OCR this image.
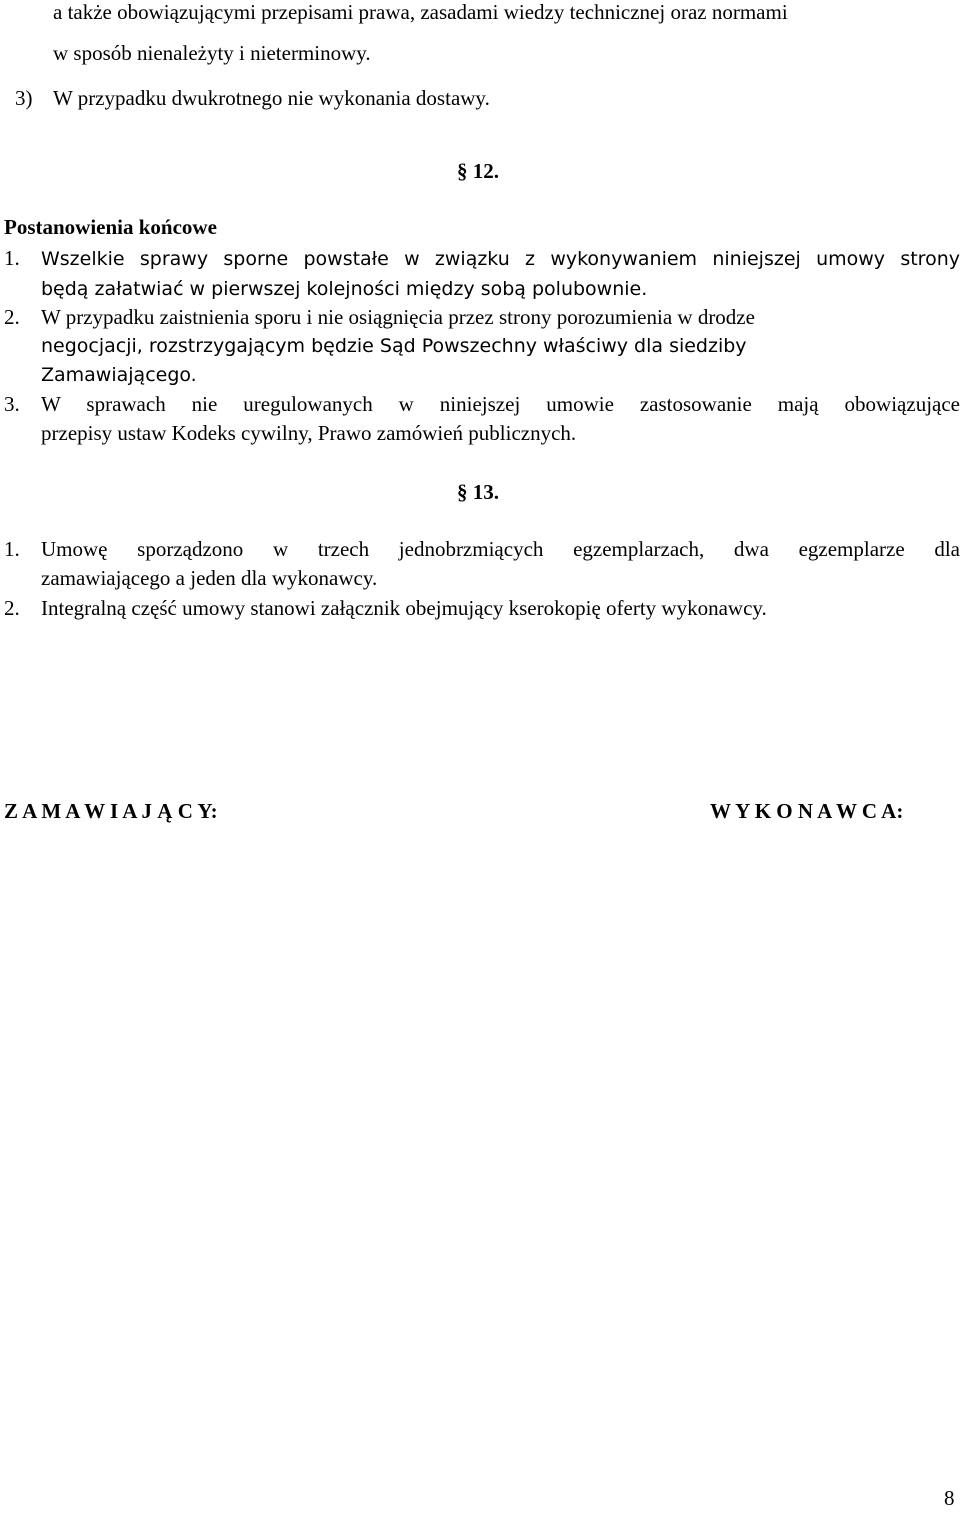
a także obowiązującymi przepisami prawa, zasadami wiedzy technicznej oraz normami
w sposób nienależyty i nieterminowy.
3) W przypadku dwukrotnego nie wykonania dostawy.
§ 12.
Postanowienia końcowe
1. Wszelkie sprawy sporne powstałe w związku z wykonywaniem niniejszej umowy strony
będą załatwiać w pierwszej kolejności między sobą polubownie.
2. W przypadku zaistnienia sporu i nie osiągnięcia przez strony porozumienia w drodze
negocjacji, rozstrzygającym będzie Sąd Powszechny właściwy dla siedziby
Zamawiającego.
3. W sprawach nie uregulowanych w niniejszej umowie zastosowanie mają obowiązujące
przepisy ustaw Kodeks cywilny, Prawo zamówień publicznych.
§ 13.
1. Umowę sporządzono w trzech jednobrzmiących egzemplarzach, dwa egzemplarze dla
zamawiającego a jeden dla wykonawcy.
2. Integralną część umowy stanowi załącznik obejmujący kserokopię oferty wykonawcy.
Z A M A W I A J Ą C Y:	W Y K O N A W C A:
8
